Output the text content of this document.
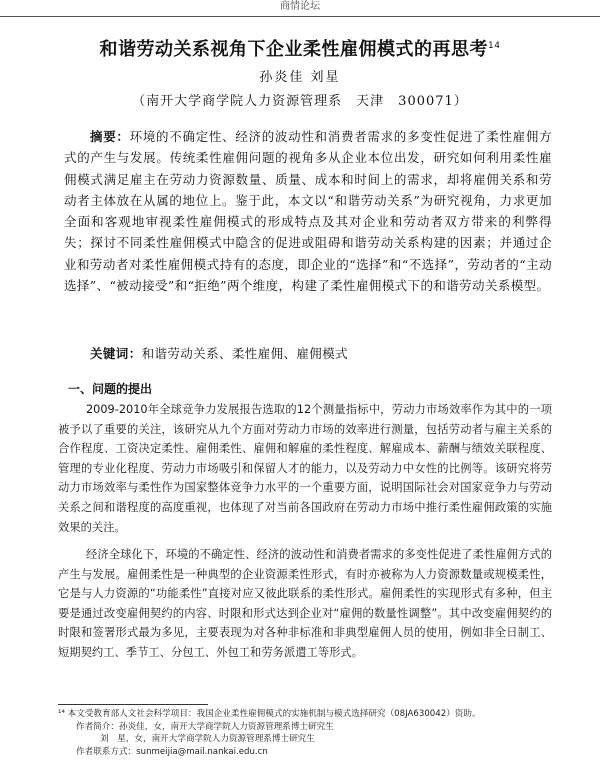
商情论坛
和谐劳动关系视角下企业柔性雇佣模式的再思考$^{14}$
孙炎佳 刘星
（南开大学商学院人力资源管理系　天津　300071）

摘要：环境的不确定性、经济的波动性和消费者需求的多变性促进了柔性雇佣方式的产生与发展。传统柔性雇佣问题的视角多从企业本位出发，研究如何利用柔性雇佣模式满足雇主在劳动力资源数量、质量、成本和时间上的需求，却将雇佣关系和劳动者主体放在从属的地位上。鉴于此，本文以“和谐劳动关系”为研究视角，力求更加全面和客观地审视柔性雇佣模式的形成特点及其对企业和劳动者双方带来的利弊得失；探讨不同柔性雇佣模式中隐含的促进或阻碍和谐劳动关系构建的因素；并通过企业和劳动者对柔性雇佣模式持有的态度，即企业的“选择”和“不选择”，劳动者的“主动选择”、“被动接受”和“拒绝”两个维度，构建了柔性雇佣模式下的和谐劳动关系模型。

关键词：和谐劳动关系、柔性雇佣、雇佣模式
一、问题的提出

2009-2010年全球竞争力发展报告选取的12个测量指标中，劳动力市场效率作为其中的一项被予以了重要的关注，该研究从九个方面对劳动力市场的效率进行测量，包括劳动者与雇主关系的合作程度、工资决定柔性、雇佣柔性、雇佣和解雇的柔性程度、解雇成本、薪酬与绩效关联程度、管理的专业化程度、劳动力市场吸引和保留人才的能力，以及劳动力中女性的比例等。该研究将劳动力市场效率与柔性作为国家整体竞争力水平的一个重要方面，说明国际社会对国家竞争力与劳动关系之间和谐程度的高度重视，也体现了对当前各国政府在劳动力市场中推行柔性雇佣政策的实施效果的关注。

经济全球化下，环境的不确定性、经济的波动性和消费者需求的多变性促进了柔性雇佣方式的产生与发展。雇佣柔性是一种典型的企业资源柔性形式，有时亦被称为人力资源数量或规模柔性，它是与人力资源的“功能柔性”直接对应又彼此联系的柔性形式。雇佣柔性的实现形式有多种，但主要是通过改变雇佣契约的内容、时限和形式达到企业对“雇佣的数量性调整”。其中改变雇佣契约的时限和签署形式最为多见，主要表现为对各种非标准和非典型雇佣人员的使用，例如非全日制工、短期契约工、季节工、分包工、外包工和劳务派遣工等形式。

¹⁴ 本文受教育部人文社会科学项目：我国企业柔性雇佣模式的实施机制与模式选择研究（08JA630042）资助。
作者简介：孙炎佳，女，南开大学商学院人力资源管理系博士研究生
刘　星，女，南开大学商学院人力资源管理系博士研究生
作者联系方式：sunmeijia@mail.nankai.edu.cn
